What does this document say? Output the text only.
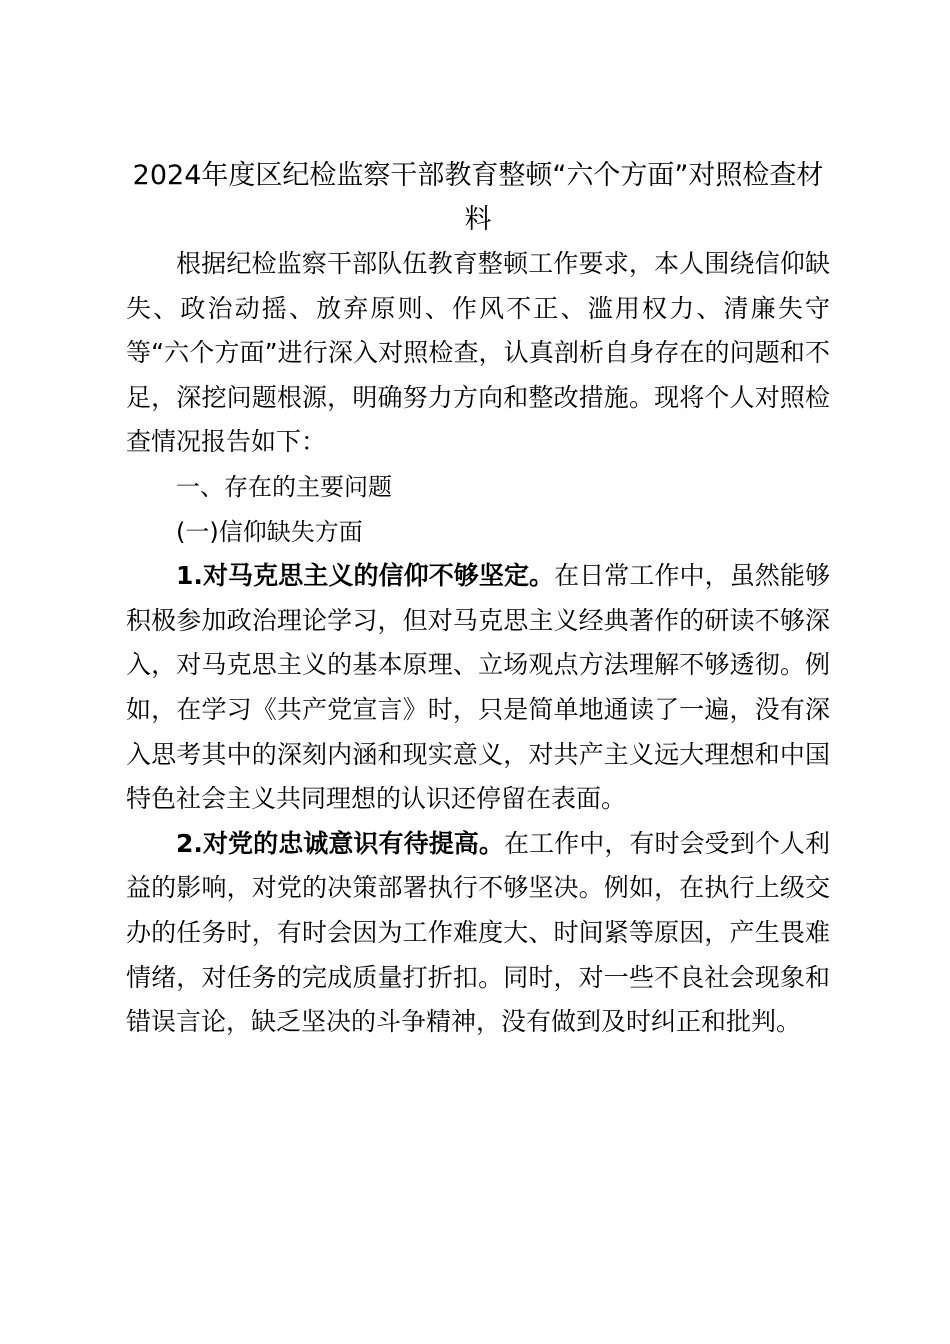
2024年度区纪检监察干部教育整顿“六个方面”对照检查材料

根据纪检监察干部队伍教育整顿工作要求，本人围绕信仰缺失、政治动摇、放弃原则、作风不正、滥用权力、清廉失守等“六个方面”进行深入对照检查，认真剖析自身存在的问题和不足，深挖问题根源，明确努力方向和整改措施。现将个人对照检查情况报告如下：

一、存在的主要问题

(一)信仰缺失方面

1.对马克思主义的信仰不够坚定。在日常工作中，虽然能够积极参加政治理论学习，但对马克思主义经典著作的研读不够深入，对马克思主义的基本原理、立场观点方法理解不够透彻。例如，在学习《共产党宣言》时，只是简单地通读了一遍，没有深入思考其中的深刻内涵和现实意义，对共产主义远大理想和中国特色社会主义共同理想的认识还停留在表面。

2.对党的忠诚意识有待提高。在工作中，有时会受到个人利益的影响，对党的决策部署执行不够坚决。例如，在执行上级交办的任务时，有时会因为工作难度大、时间紧等原因，产生畏难情绪，对任务的完成质量打折扣。同时，对一些不良社会现象和错误言论，缺乏坚决的斗争精神，没有做到及时纠正和批判。
